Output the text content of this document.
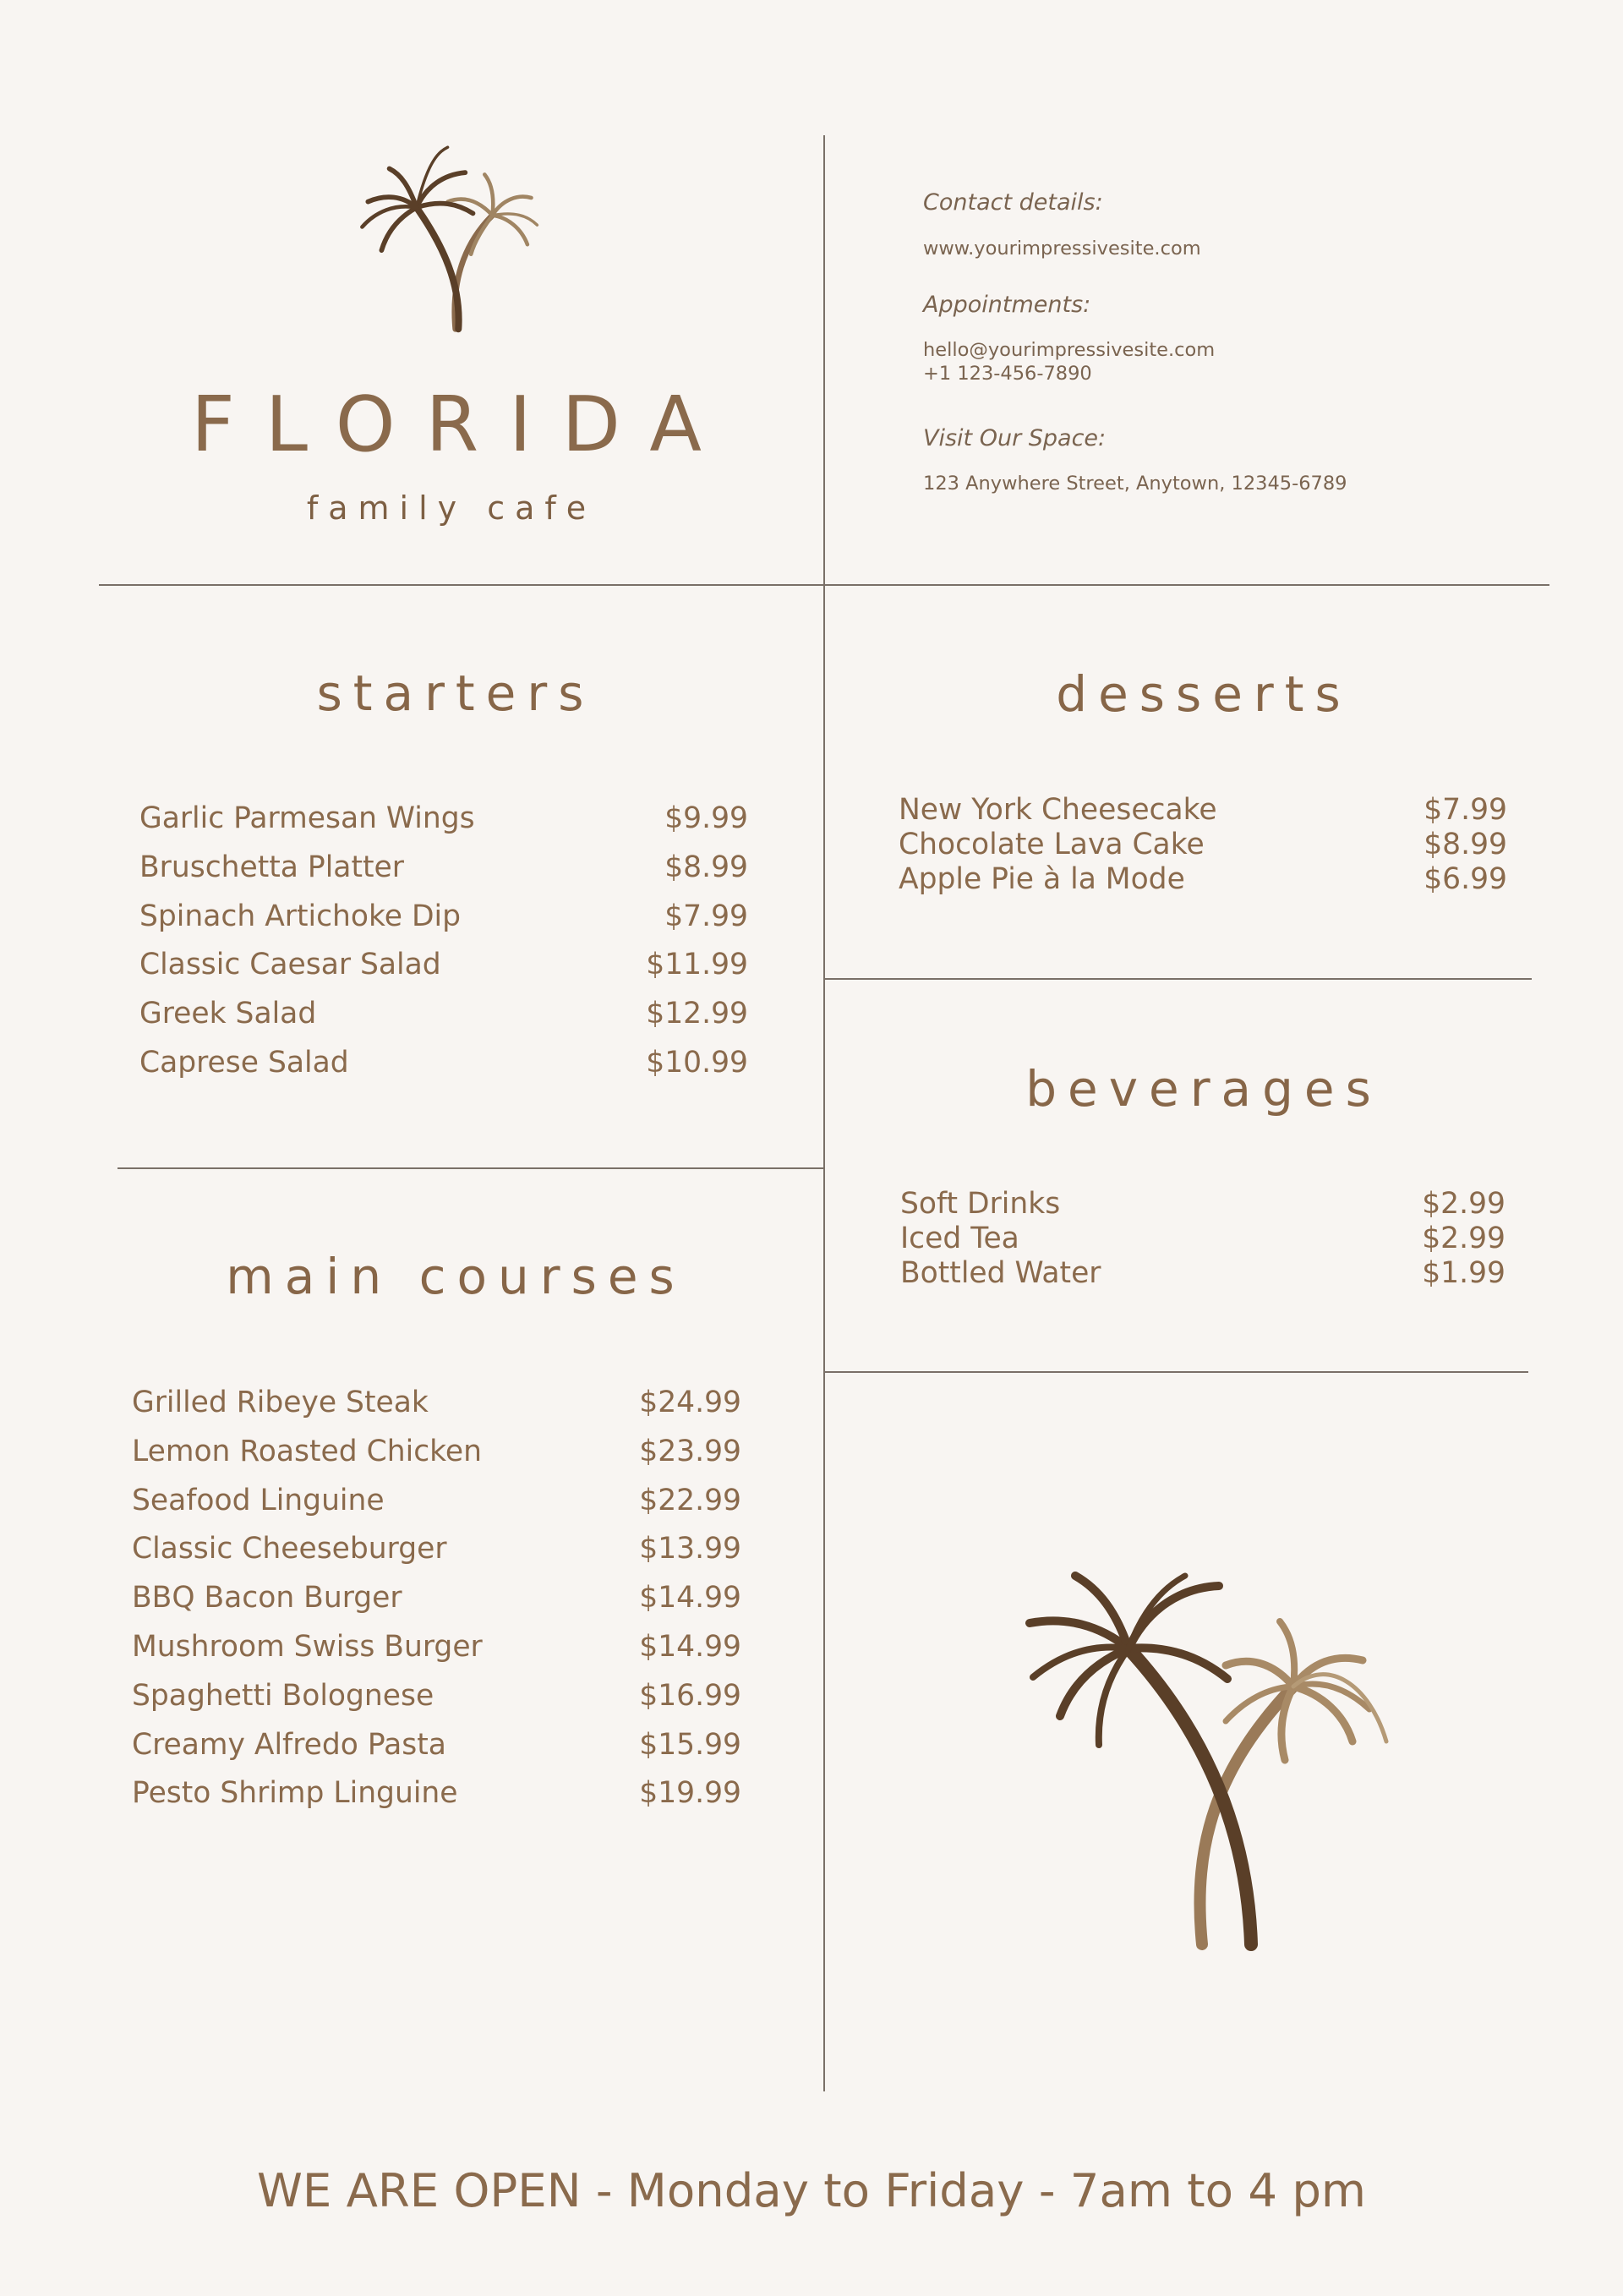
FLORIDA
family cafe
Contact details:
www.yourimpressivesite.com
Appointments:
hello@yourimpressivesite.com
+1 123-456-7890
Visit Our Space:
123 Anywhere Street, Anytown, 12345-6789
starters
Garlic Parmesan Wings	$9.99
Bruschetta Platter	$8.99
Spinach Artichoke Dip	$7.99
Classic Caesar Salad	$11.99
Greek Salad	$12.99
Caprese Salad	$10.99
main courses
Grilled Ribeye Steak	$24.99
Lemon Roasted Chicken	$23.99
Seafood Linguine	$22.99
Classic Cheeseburger	$13.99
BBQ Bacon Burger	$14.99
Mushroom Swiss Burger	$14.99
Spaghetti Bolognese	$16.99
Creamy Alfredo Pasta	$15.99
Pesto Shrimp Linguine	$19.99
desserts
New York Cheesecake	$7.99
Chocolate Lava Cake	$8.99
Apple Pie à la Mode	$6.99
beverages
Soft Drinks	$2.99
Iced Tea	$2.99
Bottled Water	$1.99
WE ARE OPEN - Monday to Friday - 7am to 4 pm
